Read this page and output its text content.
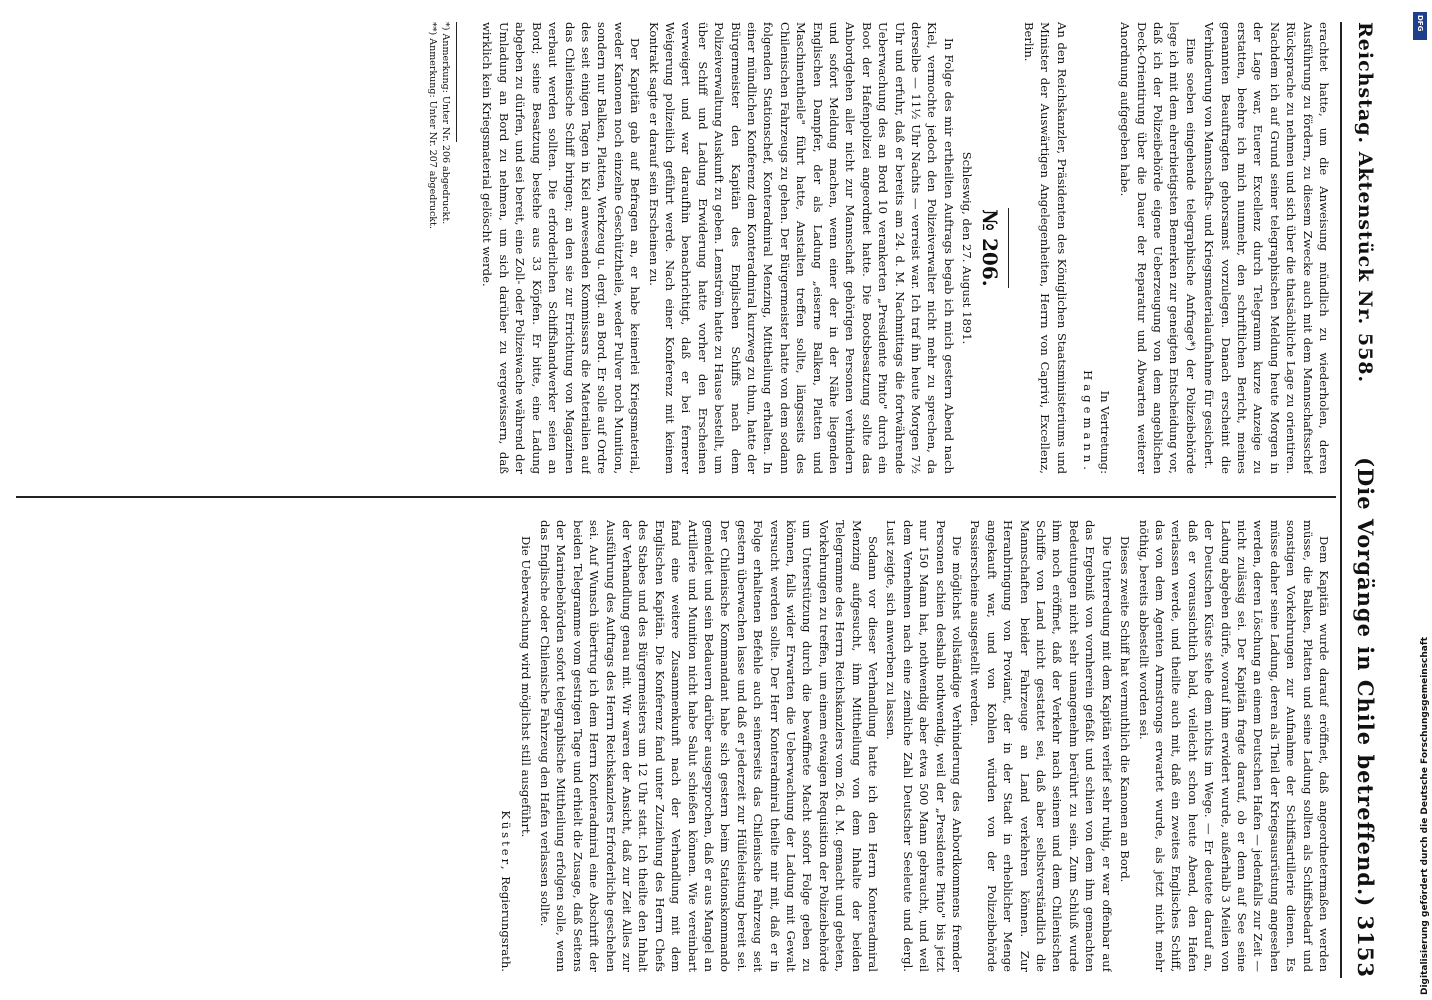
Reichstag. Aktenstück Nr. 558.
(Die Vorgänge in Chile betreffend.) 3153

erachtet hatte, um die Anweisung mündlich zu wiederholen, deren Ausführung zu fördern, zu diesem Zwecke auch mit dem Mannschaftsschef Rücksprache zu nehmen und sich über die thatsächliche Lage zu orientiren. Nachdem ich auf Grund seiner telegraphischen Meldung heute Morgen in der Lage war, Euerer Excellenz durch Telegramm kurze Anzeige zu erstatten, beehre ich mich nunmehr, den schriftlichen Bericht, meines genannten Beauftragten gehorsamst vorzulegen. Danach erscheint die Verhinderung von Mannschafts- und Kriegsmaterialaufnahme für gesichert.

Eine soeben eingehende telegraphische Anfrage*) der Polizeibehörde lege ich mit dem ehrerbietigsten Bemerken zur geneigten Entscheidung vor, daß ich der Polizeibehörde eigene Ueberzeugung von dem angeblichen Deck-Orientirung über die Dauer der Reparatur und Abwarten weiterer Anordnung aufgegeben habe.

In Vertretung:
Hagemann.

An den Reichskanzler, Präsidenten des Königlichen Staatsministeriums und Minister der Auswärtigen Angelegenheiten, Herrn von Caprivi, Excellenz, Berlin.

№ 206.
Schleswig, den 27. August 1891.

In Folge des mir ertheilten Auftrags begab ich mich gestern Abend nach Kiel, vermochte jedoch den Polizeiverwalter nicht mehr zu sprechen, da derselbe — 11½ Uhr Nachts — verreist war. Ich traf ihn heute Morgen 7½ Uhr und erfuhr, daß er bereits am 24. d. M. Nachmittags die fortwährende Ueberwachung des an Bord 10 verankerten „Presidente Pinto" durch ein Boot der Hafenpolizei angeordnet hatte. Die Bootsbesatzung sollte das Anbordgehen aller nicht zur Mannschaft gehörigen Personen verhindern und sofort Meldung machen, wenn einer der in der Nähe liegenden Englischen Dampfer, der als Ladung „eiserne Balken, Platten und Maschinentheile" führt hatte, Anstalten treffen sollte, längsseits des Chilenischen Fahrzeugs zu gehen. Der Bürgermeister hatte von dem sodann folgenden Stationschef, Konteradmiral Menzing, Mittheilung erhalten. In einer mündlichen Konferenz dem Konteradmiral kurzweg zu thun, hatte der Bürgermeister den Kapitän des Englischen Schiffs nach dem Polizeiverwaltung Auskunft zu geben. Lemström hatte zu Hause bestellt, um über Schiff und Ladung Erwiderung hatte vorher den Erscheinen verweigert und war daraufhin benachrichtigt, daß er bei fernerer Weigerung polizeilich geführt werde. Nach einer Konferenz mit keinem Kontrakt sagte er darauf sein Erscheinen zu.

Der Kapitän gab auf Befragen an, er habe keinerlei Kriegsmaterial, weder Kanonen noch einzelne Geschütztheile, weder Pulver noch Munition, sondern nur Balken, Platten, Werkzeug u. dergl. an Bord. Er solle auf Ordre des seit einigen Tagen in Kiel anwesenden Kommissars die Materialien auf das Chilenische Schiff bringen; an den sie zur Errichtung von Magazinen verbaut werden sollten. Die erforderlichen Schiffshandwerker seien an Bord; seine Besatzung bestehe aus 33 Köpfen. Er bitte, eine Ladung abgeben zu dürfen, und sei bereit, eine Zoll- oder Polizeiwache während der Umladung an Bord zu nehmen, um sich darüber zu vergewissern, daß wirklich kein Kriegsmaterial gelöscht werde.

*) Anmerkung: Unter Nr. 206 abgedruckt.
**) Anmerkung: Unter Nr. 207 abgedruckt.

Dem Kapitän wurde darauf eröffnet, daß angeordnetermaßen werden müsse, die Balken, Platten und seine Ladung sollten als Schiffsbedarf und sonstigen Vorkehrungen zur Aufnahme der Schiffsartillerie dienen. Es müsse daher seine Ladung, deren als Theil der Kriegsausrüstung angesehen werden, deren Löschung an einem Deutschen Hafen — jedenfalls zur Zeit — nicht zulässig sei. Der Kapitän fragte darauf, ob er denn auf See seine Ladung abgeben dürfe, worauf ihm erwidert wurde, außerhalb 3 Meilen von der Deutschen Küste stehe dem nichts im Wege. — Er deutete darauf an, daß er voraussichtlich bald, vielleicht schon heute Abend, den Hafen verlassen werde, und theilte auch mit, daß ein zweites Englisches Schiff, das von dem Agenten Armstrongs erwartet wurde, als jetzt nicht mehr nöthig, bereits abbestellt worden sei.

Dieses zweite Schiff hat vermuthlich die Kanonen an Bord.

Die Unterredung mit dem Kapitän verlief sehr ruhig, er war offenbar auf das Ergebniß von vornherein gefaßt und schien von dem ihm gemachten Bedeutungen nicht sehr unangenehm berührt zu sein. Zum Schluß wurde ihm noch eröffnet, daß der Verkehr nach seinem und dem Chilenischen Schiffe von Land nicht gestattet sei, daß aber selbstverständlich die Mannschaften beider Fahrzeuge an Land verkehren können. Zur Heranbringung von Proviant, der in der Stadt in erheblicher Menge angekauft war, und von Kohlen würden von der Polizeibehörde Passierscheine ausgestellt werden.

Die möglichst vollständige Verhinderung des Anbordkommens fremder Personen schien deshalb nothwendig, weil der „Presidente Pinto" bis jetzt nur 150 Mann hat, nothwendig aber etwa 500 Mann gebraucht, und weil dem Vernehmen nach eine ziemliche Zahl Deutscher Seeleute und dergl. Lust zeigte, sich anwerben zu lassen.

Sodann vor dieser Verhandlung hatte ich den Herrn Konteradmiral Menzing aufgesucht, ihm Mittheilung von dem Inhalte der beiden Telegramme des Herrn Reichskanzlers vom 26. d. M. gemacht und gebeten, Vorkehrungen zu treffen, um einem etwaigen Requisition der Polizeibehörde um Unterstützung durch die bewaffnete Macht sofort Folge geben zu können, falls wider Erwarten die Ueberwachung der Ladung mit Gewalt versucht werden sollte. Der Herr Konteradmiral theilte mir mit, daß er in Folge erhaltenen Befehle auch seinerseits das Chilenische Fahrzeug seit gestern überwachen lasse und daß er jederzeit zur Hülfeleistung bereit sei. Der Chilenische Kommandant habe sich gestern beim Stationskommando gemeldet und sein Bedauern darüber ausgesprochen, daß er aus Mangel an Artillerie und Munition nicht habe Salut schießen können. Wie vereinbart fand eine weitere Zusammenkunft nach der Verhandlung mit dem Englischen Kapitän. Die Konferenz fand unter Zuziehung des Herrn Chefs des Stabes und des Bürgermeisters um 12 Uhr statt. Ich theilte den Inhalt der Verhandlung genau mit. Wir waren der Ansicht, daß zur Zeit Alles zur Ausführung des Auftrags des Herrn Reichskanzlers Erforderliche geschehen sei. Auf Wunsch übertrug ich dem Herrn Konteradmiral eine Abschrift der beiden Telegramme vom gestrigen Tage und erhielt die Zusage, daß Seitens der Marinebehörden sofort telegraphische Mittheilung erfolgen solle, wenn das Englische oder Chilenische Fahrzeug den Hafen verlassen sollte.

Die Ueberwachung wird möglichst still ausgeführt.

Küster, Regierungsrath.	Digitalisierung gefördert durch die Deutsche Forschungsgemeinschaft
DFG
